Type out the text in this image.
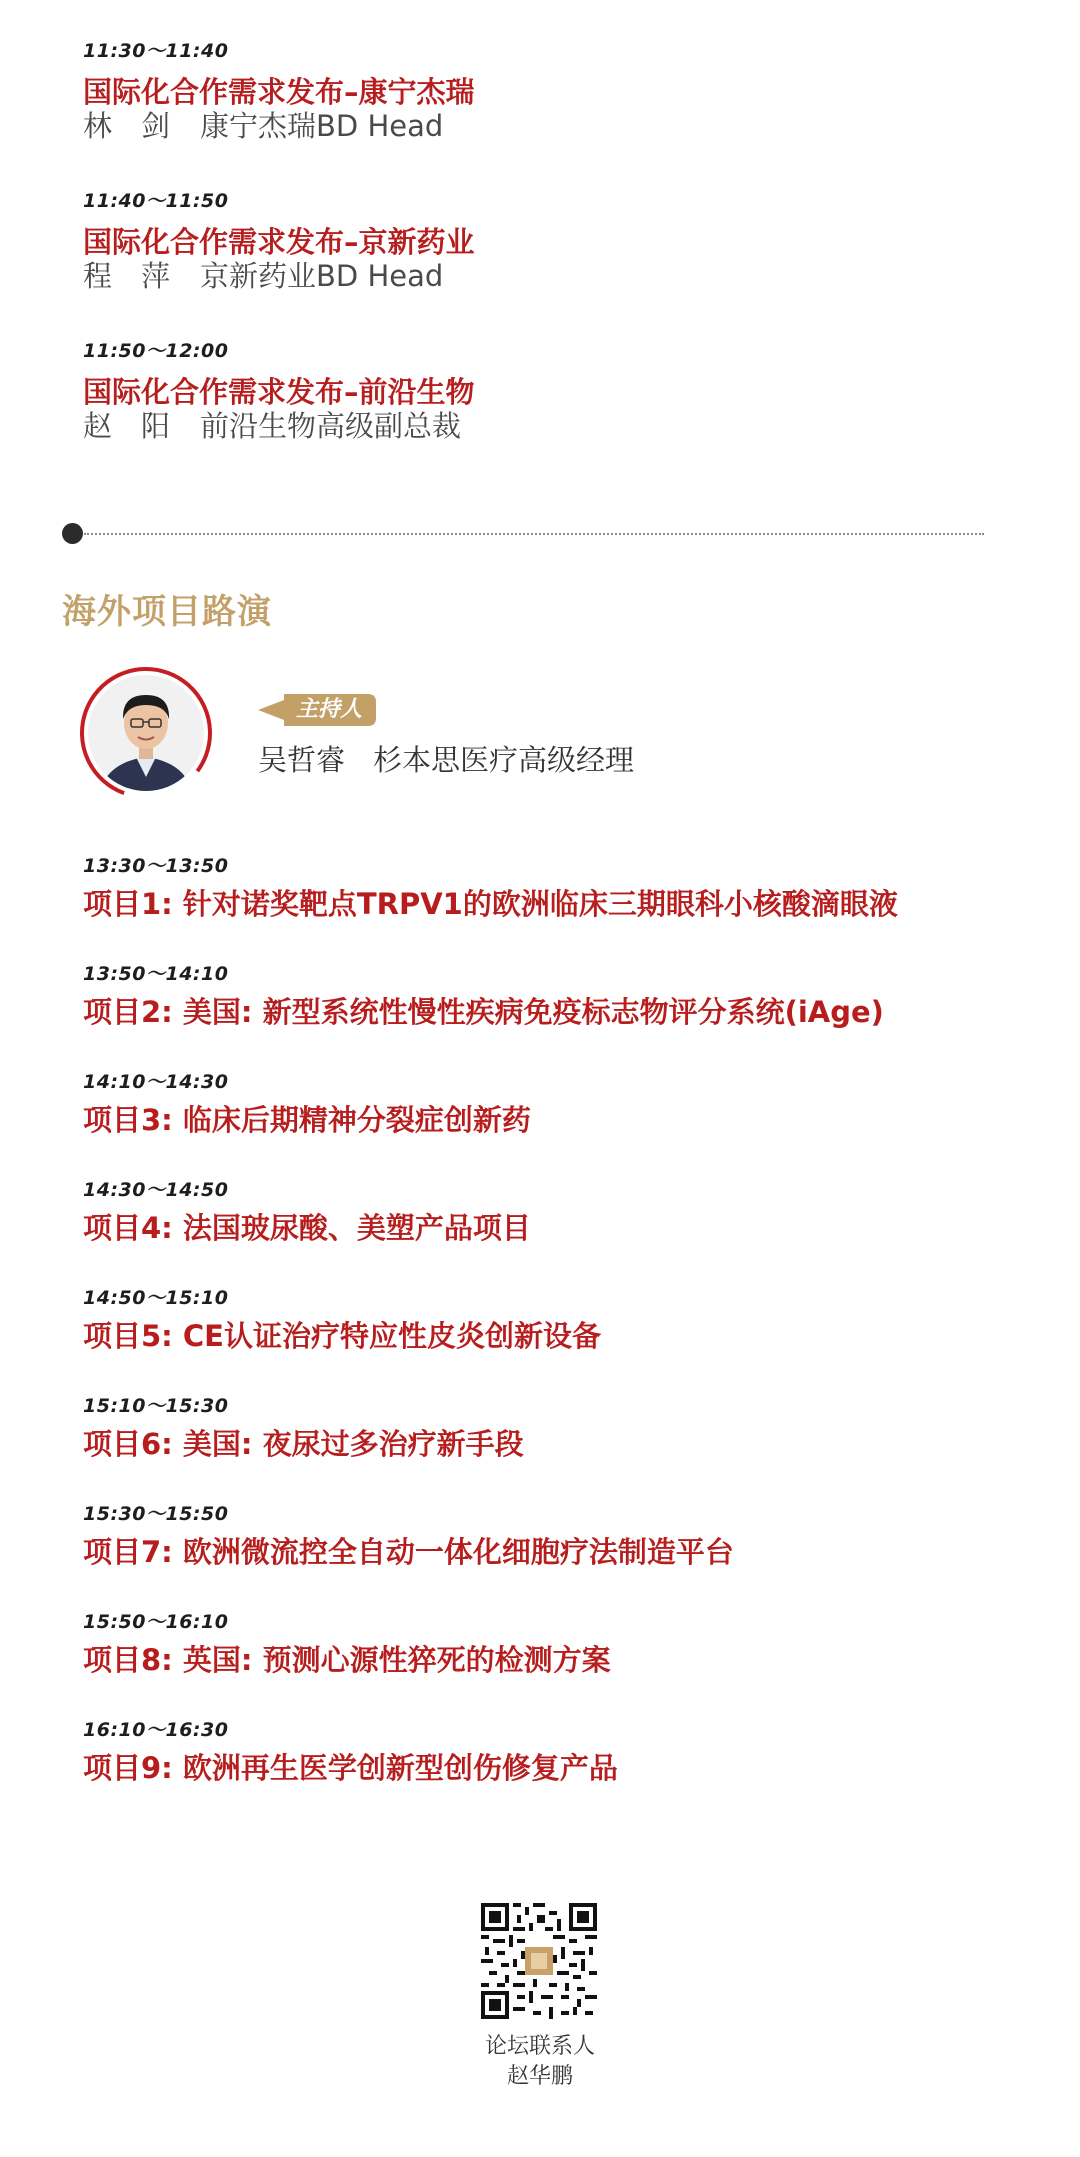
11:30～11:40
国际化合作需求发布–康宁杰瑞
林　剑 康宁杰瑞BD Head
11:40～11:50
国际化合作需求发布–京新药业
程　萍 京新药业BD Head
11:50～12:00
国际化合作需求发布–前沿生物
赵　阳 前沿生物高级副总裁
海外项目路演
主持人
吴哲睿 杉本思医疗高级经理
13:30～13:50
项目1: 针对诺奖靶点TRPV1的欧洲临床三期眼科小核酸滴眼液
13:50～14:10
项目2: 美国: 新型系统性慢性疾病免疫标志物评分系统(iAge)
14:10～14:30
项目3: 临床后期精神分裂症创新药
14:30～14:50
项目4: 法国玻尿酸、美塑产品项目
14:50～15:10
项目5: CE认证治疗特应性皮炎创新设备
15:10～15:30
项目6: 美国: 夜尿过多治疗新手段
15:30～15:50
项目7: 欧洲微流控全自动一体化细胞疗法制造平台
15:50～16:10
项目8: 英国: 预测心源性猝死的检测方案
16:10～16:30
项目9: 欧洲再生医学创新型创伤修复产品
论坛联系人
赵华鹏
